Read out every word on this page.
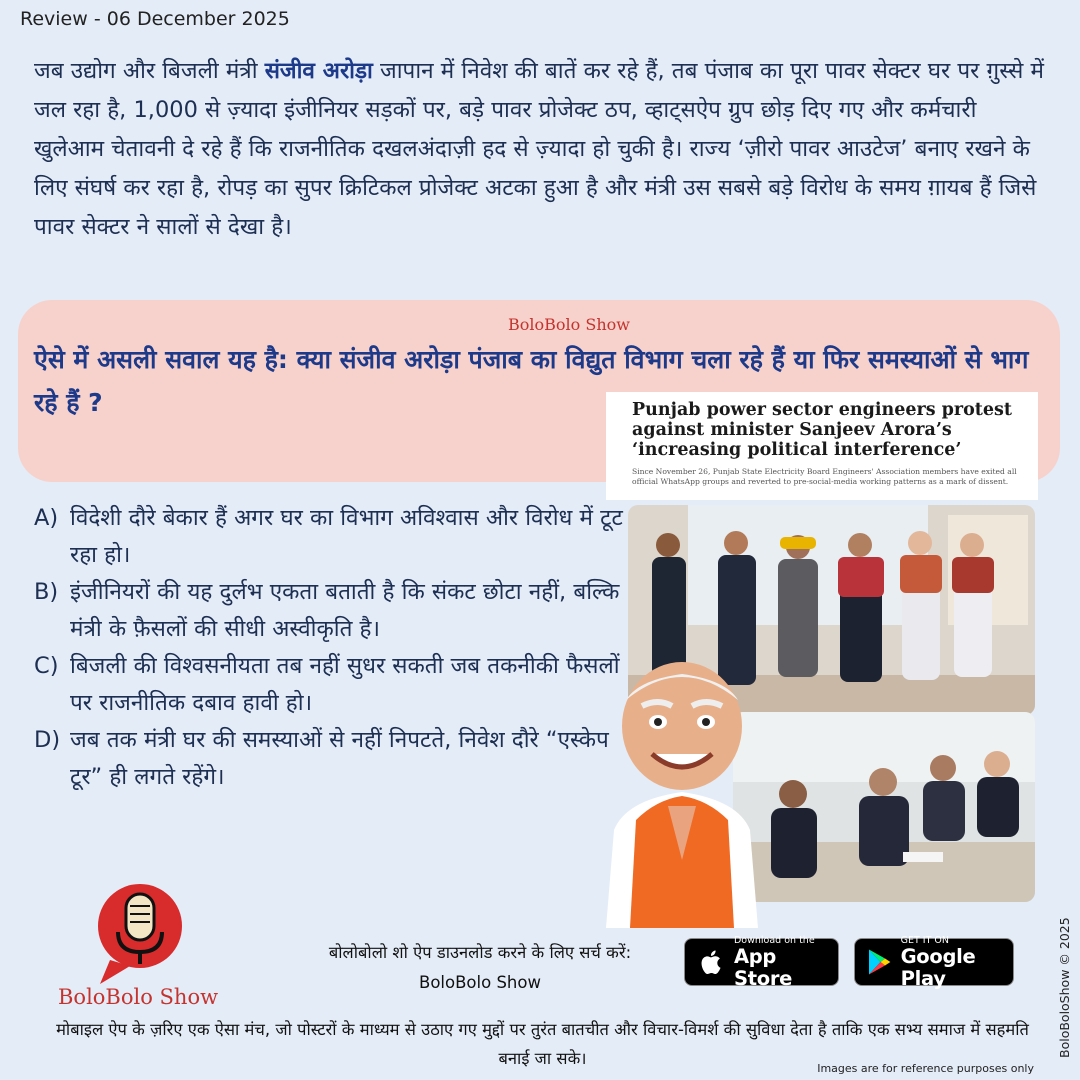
Review - 06 December 2025

जब उद्योग और बिजली मंत्री संजीव अरोड़ा जापान में निवेश की बातें कर रहे हैं, तब पंजाब का पूरा पावर सेक्टर घर पर ग़ुस्से में जल रहा है, 1,000 से ज़्यादा इंजीनियर सड़कों पर, बड़े पावर प्रोजेक्ट ठप, व्हाट्सऐप ग्रुप छोड़ दिए गए और कर्मचारी खुलेआम चेतावनी दे रहे हैं कि राजनीतिक दखलअंदाज़ी हद से ज़्यादा हो चुकी है। राज्य ‘ज़ीरो पावर आउटेज’ बनाए रखने के लिए संघर्ष कर रहा है, रोपड़ का सुपर क्रिटिकल प्रोजेक्ट अटका हुआ है और मंत्री उस सबसे बड़े विरोध के समय ग़ायब हैं जिसे पावर सेक्टर ने सालों से देखा है।

BoloBolo Show
ऐसे में असली सवाल यह है: क्या संजीव अरोड़ा पंजाब का विद्युत विभाग चला रहे हैं या फिर समस्याओं से भाग रहे हैं ?	Punjab power sector engineers protest against minister Sanjeev Arora’s ‘increasing political interference’
Since November 26, Punjab State Electricity Board Engineers' Association members have exited all official WhatsApp groups and reverted to pre-social-media working patterns as a mark of dissent.
A) विदेशी दौरे बेकार हैं अगर घर का विभाग अविश्वास और विरोध में टूट रहा हो।
B) इंजीनियरों की यह दुर्लभ एकता बताती है कि संकट छोटा नहीं, बल्कि मंत्री के फ़ैसलों की सीधी अस्वीकृति है।
C) बिजली की विश्वसनीयता तब नहीं सुधर सकती जब तकनीकी फैसलों पर राजनीतिक दबाव हावी हो।
D) जब तक मंत्री घर की समस्याओं से नहीं निपटते, निवेश दौरे “एस्केप टूर” ही लगते रहेंगे।
BoloBolo Show
बोलोबोलो शो ऐप डाउनलोड करने के लिए सर्च करें:
BoloBolo Show
Download on the
App Store
GET IT ON
Google Play
मोबाइल ऐप के ज़रिए एक ऐसा मंच, जो पोस्टरों के माध्यम से उठाए गए मुद्दों पर तुरंत बातचीत और विचार-विमर्श की सुविधा देता है ताकि एक सभ्य समाज में सहमति बनाई जा सके।
Images are for reference purposes only
BoloBoloShow © 2025
